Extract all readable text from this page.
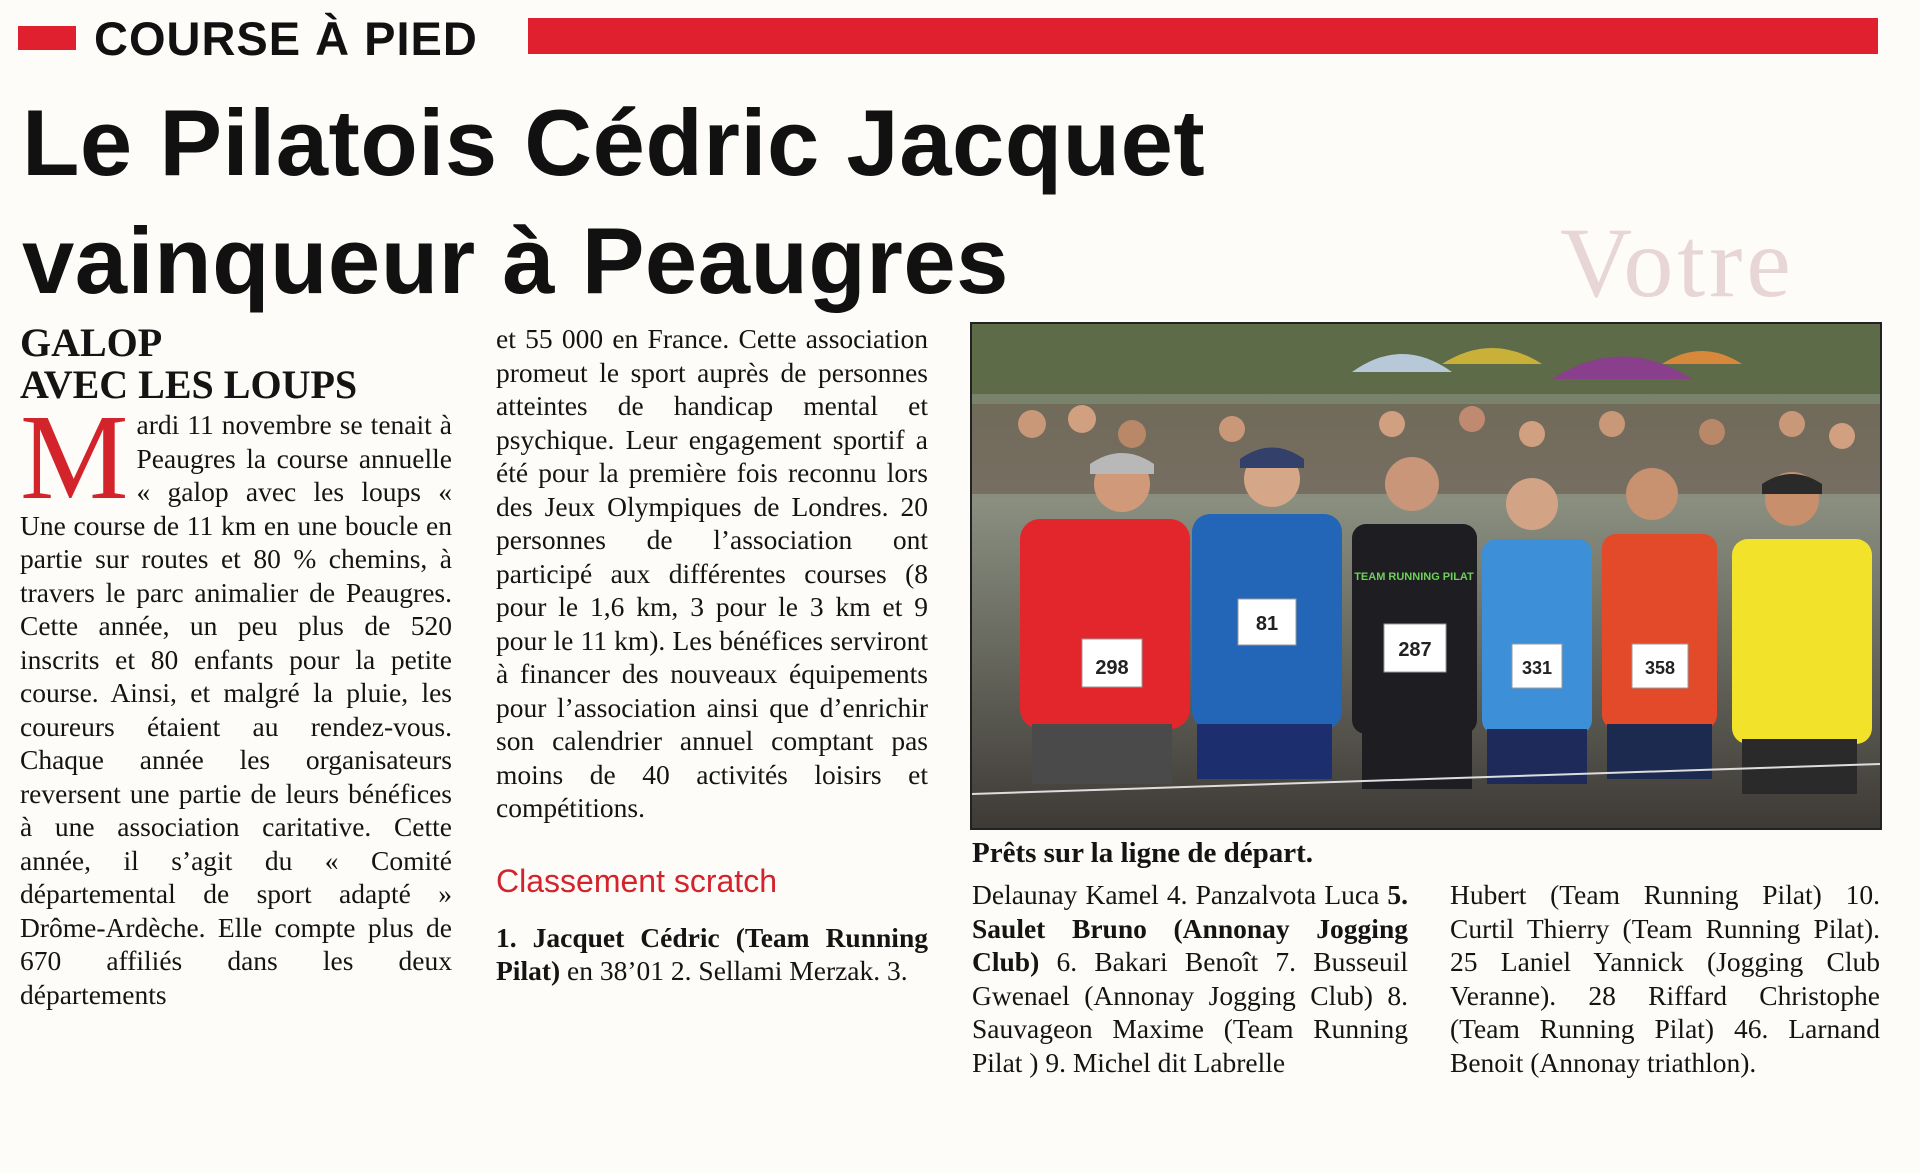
Votre
COURSE À PIED
Le Pilatois Cédric Jacquet
vainqueur à Peaugres
GALOP
AVEC LES LOUPS

Mardi 11 novembre se tenait à Peaugres la course annuelle « galop avec les loups « Une course de 11 km en une boucle en partie sur routes et 80 % chemins, à travers le parc animalier de Peaugres. Cette année, un peu plus de 520 inscrits et 80 enfants pour la petite course. Ainsi, et malgré la pluie, les coureurs étaient au rendez-vous. Chaque année les organisateurs reversent une partie de leurs bénéfices à une association caritative. Cette année, il s’agit du « Comité départemental de sport adapté » Drôme-Ardèche. Elle compte plus de 670 affiliés dans les deux départements

et 55 000 en France. Cette association promeut le sport auprès de personnes atteintes de handicap mental et psychique. Leur engagement sportif a été pour la première fois reconnu lors des Jeux Olympiques de Londres. 20 personnes de l’association ont participé aux différentes courses (8 pour le 1,6 km, 3 pour le 3 km et 9 pour le 11 km). Les bénéfices serviront à financer des nouveaux équipements pour l’association ainsi que d’enrichir son calendrier annuel comptant pas moins de 40 activités loisirs et compétitions.

Classement scratch

1. Jacquet Cédric (Team Running Pilat) en 38’01 2. Sellami Merzak. 3.

298
81
287
331	358
TEAM RUNNING PILAT
Prêts sur la ligne de départ.

Delaunay Kamel 4. Panzalvota Luca 5. Saulet Bruno (Annonay Jogging Club) 6. Bakari Benoît 7. Busseuil Gwenael (Annonay Jogging Club) 8. Sauvageon Maxime (Team Running Pilat ) 9. Michel dit Labrelle

Hubert (Team Running Pilat) 10. Curtil Thierry (Team Running Pilat). 25 Laniel Yannick (Jogging Club Veranne). 28 Riffard Christophe (Team Running Pilat) 46. Larnand Benoit (Annonay triathlon).
